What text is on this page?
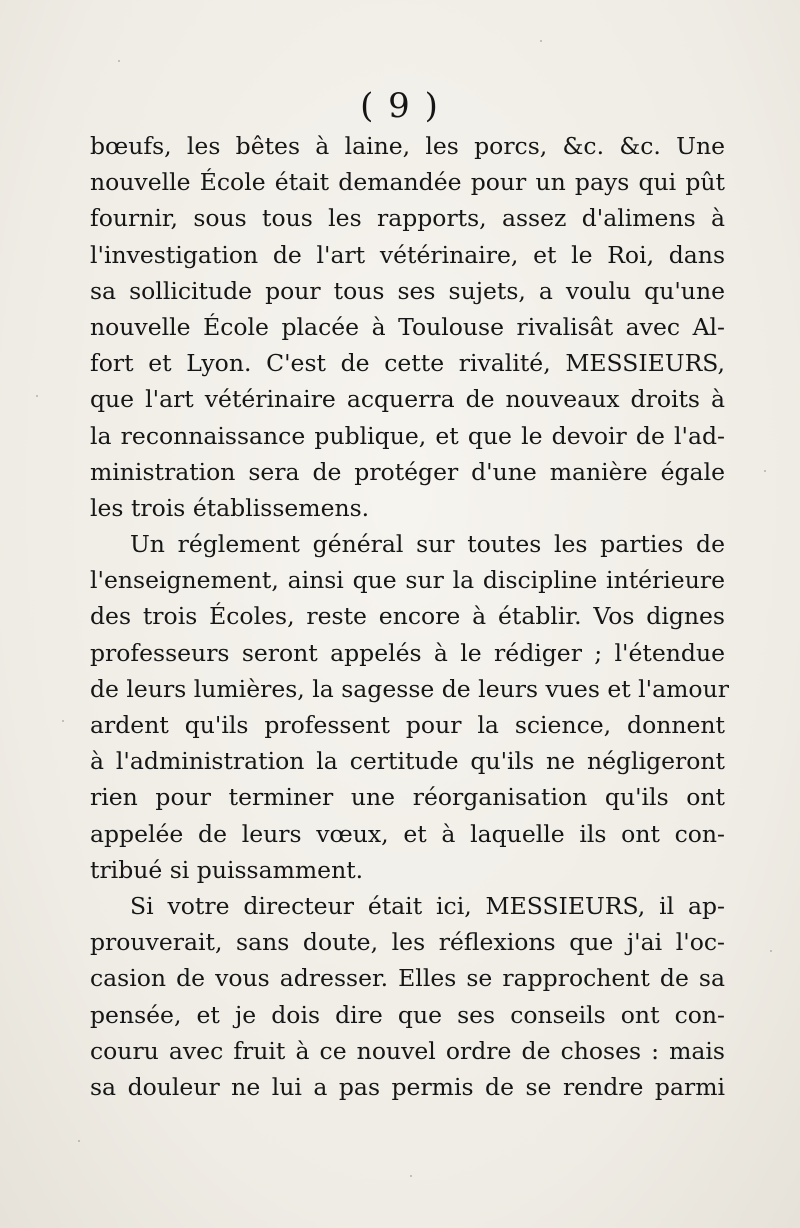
( 9 )
bœufs, les bêtes à laine, les porcs, &c. &c. Une
nouvelle École était demandée pour un pays qui pût
fournir, sous tous les rapports, assez d'alimens à
l'investigation de l'art vétérinaire, et le Roi, dans
sa sollicitude pour tous ses sujets, a voulu qu'une
nouvelle École placée à Toulouse rivalisât avec Al-
fort et Lyon. C'est de cette rivalité, MESSIEURS,
que l'art vétérinaire acquerra de nouveaux droits à
la reconnaissance publique, et que le devoir de l'ad-
ministration sera de protéger d'une manière égale
les trois établissemens.
Un réglement général sur toutes les parties de
l'enseignement, ainsi que sur la discipline intérieure
des trois Écoles, reste encore à établir. Vos dignes
professeurs seront appelés à le rédiger ; l'étendue
de leurs lumières, la sagesse de leurs vues et l'amour
ardent qu'ils professent pour la science, donnent
à l'administration la certitude qu'ils ne négligeront
rien pour terminer une réorganisation qu'ils ont
appelée de leurs vœux, et à laquelle ils ont con-
tribué si puissamment.
Si votre directeur était ici, MESSIEURS, il ap-
prouverait, sans doute, les réflexions que j'ai l'oc-
casion de vous adresser. Elles se rapprochent de sa
pensée, et je dois dire que ses conseils ont con-
couru avec fruit à ce nouvel ordre de choses : mais
sa douleur ne lui a pas permis de se rendre parmi
